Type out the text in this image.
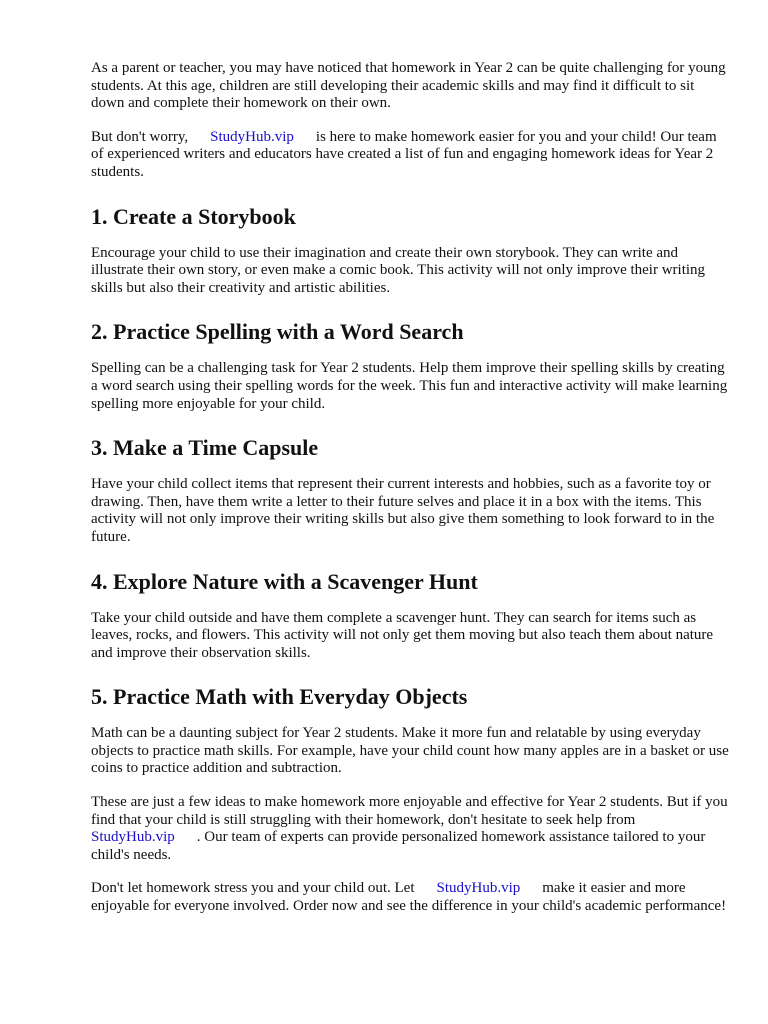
As a parent or teacher, you may have noticed that homework in Year 2 can be quite challenging for young students. At this age, children are still developing their academic skills and may find it difficult to sit down and complete their homework on their own.

But don't worry, StudyHub.vip is here to make homework easier for you and your child! Our team of experienced writers and educators have created a list of fun and engaging homework ideas for Year 2 students.

1. Create a Storybook

Encourage your child to use their imagination and create their own storybook. They can write and illustrate their own story, or even make a comic book. This activity will not only improve their writing skills but also their creativity and artistic abilities.

2. Practice Spelling with a Word Search

Spelling can be a challenging task for Year 2 students. Help them improve their spelling skills by creating a word search using their spelling words for the week. This fun and interactive activity will make learning spelling more enjoyable for your child.

3. Make a Time Capsule

Have your child collect items that represent their current interests and hobbies, such as a favorite toy or drawing. Then, have them write a letter to their future selves and place it in a box with the items. This activity will not only improve their writing skills but also give them something to look forward to in the future.

4. Explore Nature with a Scavenger Hunt

Take your child outside and have them complete a scavenger hunt. They can search for items such as leaves, rocks, and flowers. This activity will not only get them moving but also teach them about nature and improve their observation skills.

5. Practice Math with Everyday Objects

Math can be a daunting subject for Year 2 students. Make it more fun and relatable by using everyday objects to practice math skills. For example, have your child count how many apples are in a basket or use coins to practice addition and subtraction.

These are just a few ideas to make homework more enjoyable and effective for Year 2 students. But if you find that your child is still struggling with their homework, don't hesitate to seek help from StudyHub.vip . Our team of experts can provide personalized homework assistance tailored to your child's needs.

Don't let homework stress you and your child out. Let StudyHub.vip make it easier and more enjoyable for everyone involved. Order now and see the difference in your child's academic performance!
